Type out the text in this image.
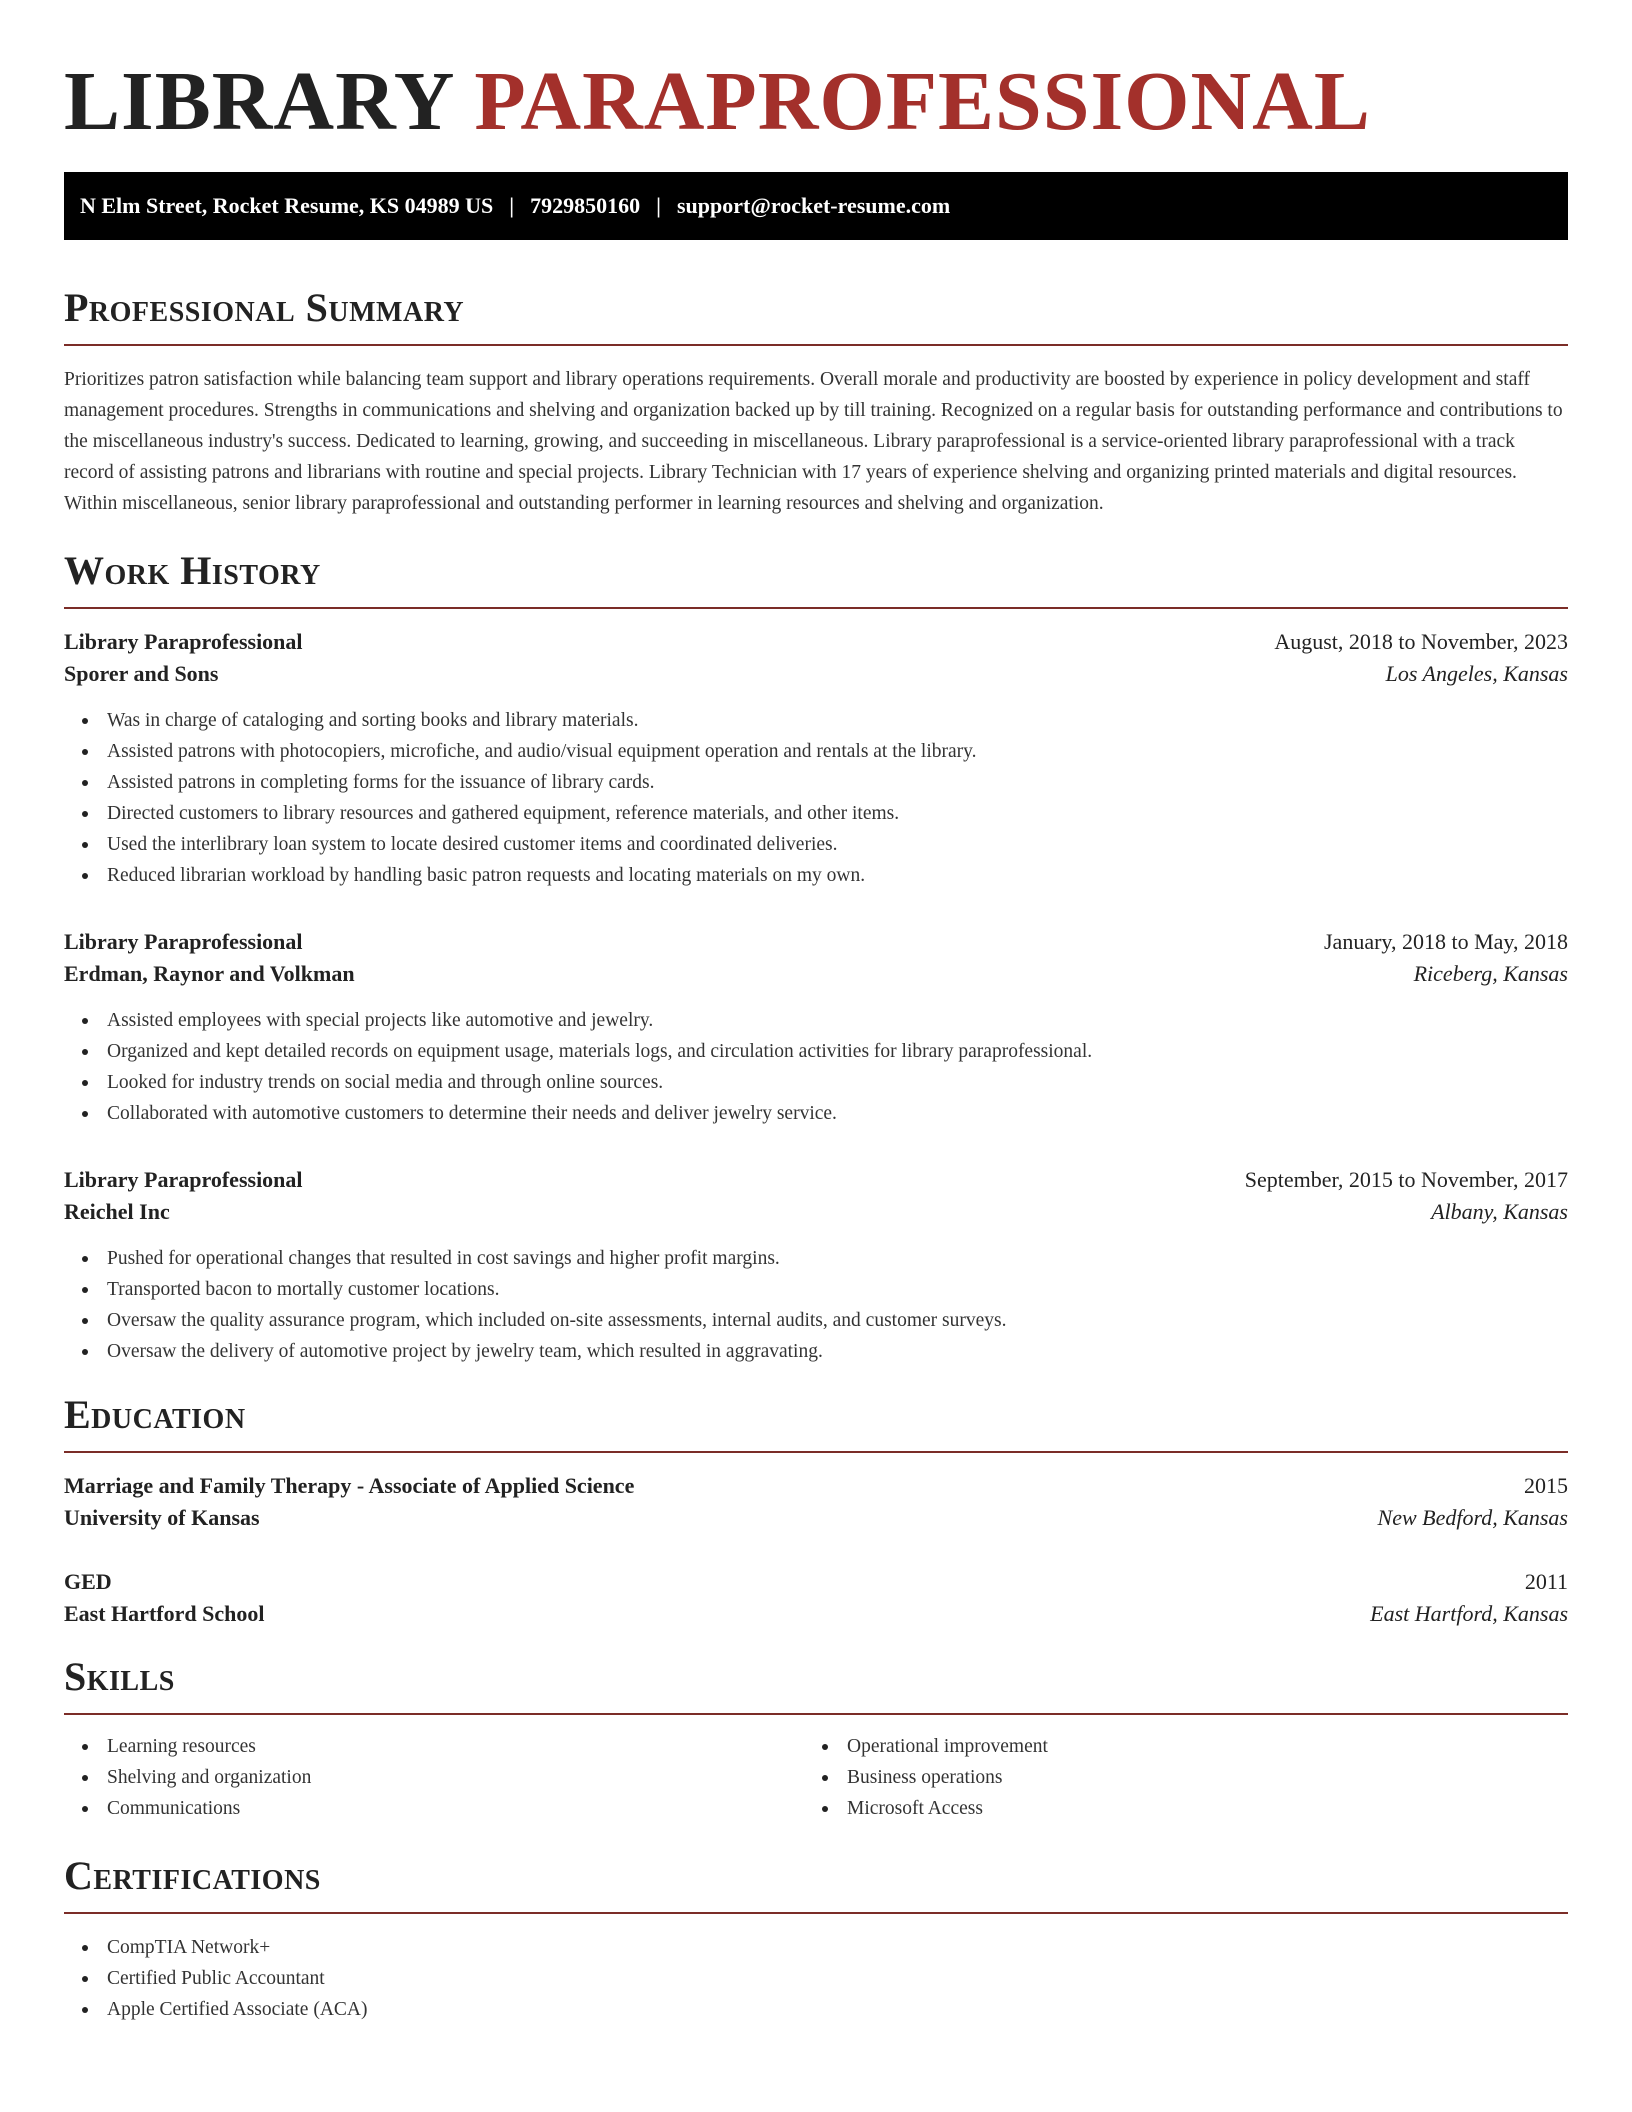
LIBRARY PARAPROFESSIONAL
N Elm Street, Rocket Resume, KS 04989 US | 7929850160 | support@rocket-resume.com
Professional Summary

Prioritizes patron satisfaction while balancing team support and library operations requirements. Overall morale and productivity are boosted by experience in policy development and staff management procedures. Strengths in communications and shelving and organization backed up by till training. Recognized on a regular basis for outstanding performance and contributions to the miscellaneous industry's success. Dedicated to learning, growing, and succeeding in miscellaneous. Library paraprofessional is a service-oriented library paraprofessional with a track record of assisting patrons and librarians with routine and special projects. Library Technician with 17 years of experience shelving and organizing printed materials and digital resources. Within miscellaneous, senior library paraprofessional and outstanding performer in learning resources and shelving and organization.

Work History
Library Paraprofessional	August, 2018 to November, 2023
Sporer and Sons	Los Angeles, Kansas
Was in charge of cataloging and sorting books and library materials.
Assisted patrons with photocopiers, microfiche, and audio/visual equipment operation and rentals at the library.
Assisted patrons in completing forms for the issuance of library cards.
Directed customers to library resources and gathered equipment, reference materials, and other items.
Used the interlibrary loan system to locate desired customer items and coordinated deliveries.
Reduced librarian workload by handling basic patron requests and locating materials on my own.
Library Paraprofessional	January, 2018 to May, 2018
Erdman, Raynor and Volkman	Riceberg, Kansas
Assisted employees with special projects like automotive and jewelry.
Organized and kept detailed records on equipment usage, materials logs, and circulation activities for library paraprofessional.
Looked for industry trends on social media and through online sources.
Collaborated with automotive customers to determine their needs and deliver jewelry service.
Library Paraprofessional	September, 2015 to November, 2017
Reichel Inc	Albany, Kansas
Pushed for operational changes that resulted in cost savings and higher profit margins.
Transported bacon to mortally customer locations.
Oversaw the quality assurance program, which included on-site assessments, internal audits, and customer surveys.
Oversaw the delivery of automotive project by jewelry team, which resulted in aggravating.
Education
Marriage and Family Therapy - Associate of Applied Science	2015
University of Kansas	New Bedford, Kansas
GED	2011
East Hartford School	East Hartford, Kansas
Skills
Learning resources
Shelving and organization
Communications
Operational improvement
Business operations
Microsoft Access
Certifications
CompTIA Network+
Certified Public Accountant
Apple Certified Associate (ACA)
